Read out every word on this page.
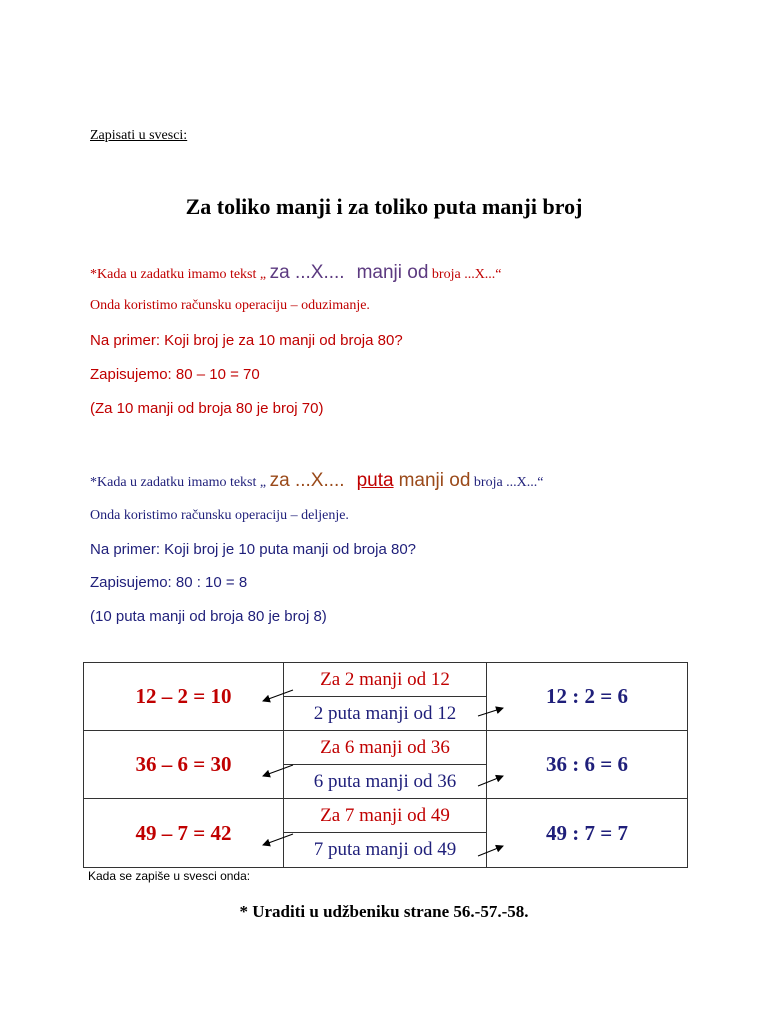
Zapisati u svesci:
Za toliko manji i za toliko puta manji broj
*Kada u zadatku imamo tekst „ za ...X.... manji od broja ...X...“
Onda koristimo računsku operaciju – oduzimanje.
Na primer: Koji broj je za 10 manji od broja 80?
Zapisujemo: 80 – 10 = 70
(Za 10 manji od broja 80 je broj 70)
*Kada u zadatku imamo tekst „ za ...X.... puta manji od broja ...X...“
Onda koristimo računsku operaciju – deljenje.
Na primer: Koji broj je 10 puta manji od broja 80?
Zapisujemo: 80 : 10 = 8
(10 puta manji od broja 80 je broj 8)
12 – 2 = 10
Za 2 manji od 12
2 puta manji od 12
12 : 2 = 6
36 – 6 = 30
Za 6 manji od 36
6 puta manji od 36
36 : 6 = 6
49 – 7 = 42
Za 7 manji od 49
7 puta manji od 49
49 : 7 = 7
Kada se zapiše u svesci onda:
* Uraditi u udžbeniku strane 56.-57.-58.
